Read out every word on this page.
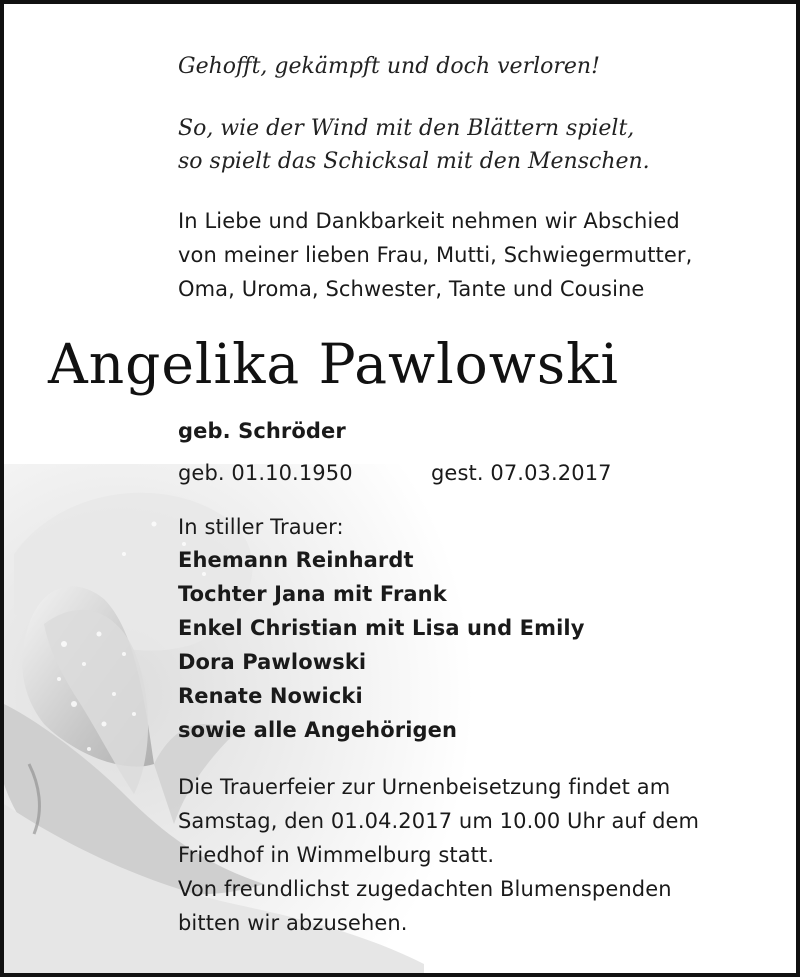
Gehofft, gekämpft und doch verloren!
So, wie der Wind mit den Blättern spielt,
so spielt das Schicksal mit den Menschen.
In Liebe und Dankbarkeit nehmen wir Abschied
von meiner lieben Frau, Mutti, Schwiegermutter,
Oma, Uroma, Schwester, Tante und Cousine
Angelika Pawlowski
geb. Schröder
geb. 01.10.1950	gest. 07.03.2017
In stiller Trauer:
Ehemann Reinhardt
Tochter Jana mit Frank
Enkel Christian mit Lisa und Emily
Dora Pawlowski
Renate Nowicki
sowie alle Angehörigen
Die Trauerfeier zur Urnenbeisetzung findet am
Samstag, den 01.04.2017 um 10.00 Uhr auf dem
Friedhof in Wimmelburg statt.
Von freundlichst zugedachten Blumenspenden
bitten wir abzusehen.
